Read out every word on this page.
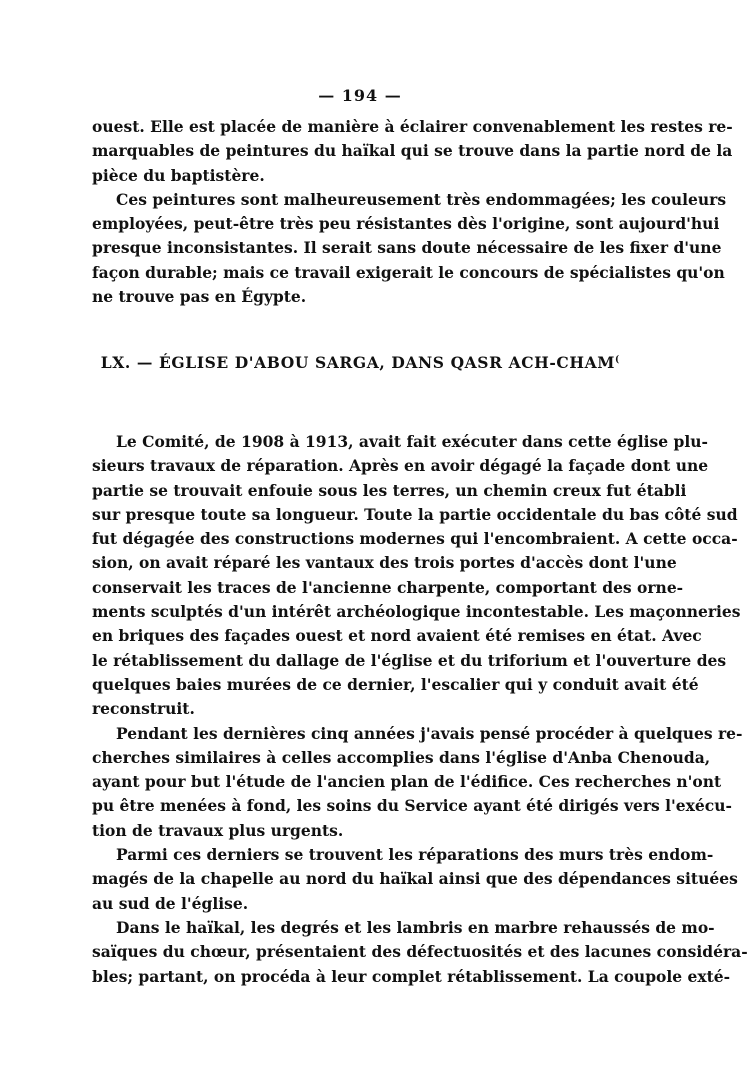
— 194 —
ouest. Elle est placée de manière à éclairer convenablement les restes re-
marquables de peintures du haïkal qui se trouve dans la partie nord de la
pièce du baptistère.
Ces peintures sont malheureusement très endommagées; les couleurs
employées, peut-être très peu résistantes dès l'origine, sont aujourd'hui
presque inconsistantes. Il serait sans doute nécessaire de les fixer d'une
façon durable; mais ce travail exigerait le concours de spécialistes qu'on
ne trouve pas en Égypte.
LX. — ÉGLISE D'ABOU SARGA, DANS QASR ACH-CHAM(
Le Comité, de 1908 à 1913, avait fait exécuter dans cette église plu-
sieurs travaux de réparation. Après en avoir dégagé la façade dont une
partie se trouvait enfouie sous les terres, un chemin creux fut établi
sur presque toute sa longueur. Toute la partie occidentale du bas côté sud
fut dégagée des constructions modernes qui l'encombraient. A cette occa-
sion, on avait réparé les vantaux des trois portes d'accès dont l'une
conservait les traces de l'ancienne charpente, comportant des orne-
ments sculptés d'un intérêt archéologique incontestable. Les maçonneries
en briques des façades ouest et nord avaient été remises en état. Avec
le rétablissement du dallage de l'église et du triforium et l'ouverture des
quelques baies murées de ce dernier, l'escalier qui y conduit avait été
reconstruit.
Pendant les dernières cinq années j'avais pensé procéder à quelques re-
cherches similaires à celles accomplies dans l'église d'Anba Chenouda,
ayant pour but l'étude de l'ancien plan de l'édifice. Ces recherches n'ont
pu être menées à fond, les soins du Service ayant été dirigés vers l'exécu-
tion de travaux plus urgents.
Parmi ces derniers se trouvent les réparations des murs très endom-
magés de la chapelle au nord du haïkal ainsi que des dépendances situées
au sud de l'église.
Dans le haïkal, les degrés et les lambris en marbre rehaussés de mo-
saïques du chœur, présentaient des défectuosités et des lacunes considéra-
bles; partant, on procéda à leur complet rétablissement. La coupole exté-
